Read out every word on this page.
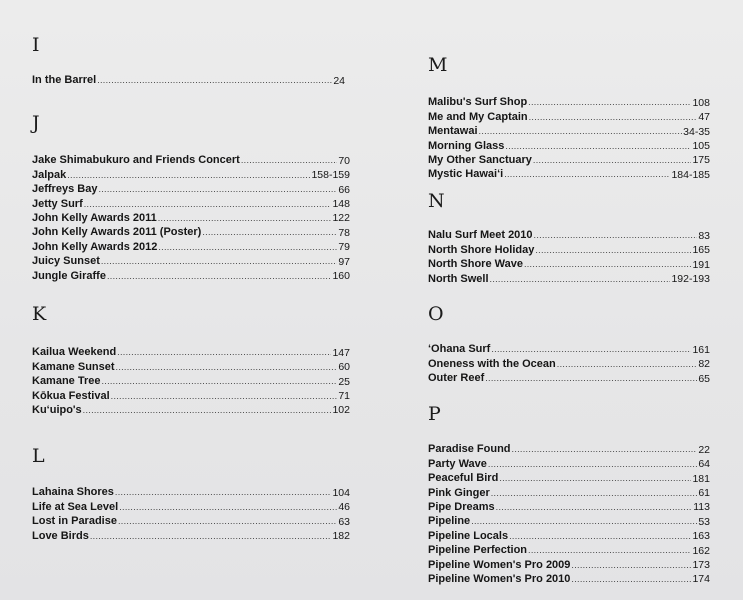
I
In the Barrel .....	24
J
Jake Shimabukuro and Friends Concert .....	70
Jalpak .....	158-159
Jeffreys Bay .....	66
Jetty Surf .....	148
John Kelly Awards 2011 .....	122
John Kelly Awards 2011 (Poster) .....	78
John Kelly Awards 2012 .....	79
Juicy Sunset .....	97
Jungle Giraffe .....	160
K
Kailua Weekend .....	147
Kamane Sunset .....	60
Kamane Tree .....	25
Kōkua Festival .....	71
Ku‘uipo's .....	102
L
Lahaina Shores .....	104
Life at Sea Level .....	46
Lost in Paradise .....	63
Love Birds .....	182
M
Malibu's Surf Shop .....	108
Me and My Captain .....	47
Mentawai .....	34-35
Morning Glass .....	105
My Other Sanctuary .....	175
Mystic Hawai‘i .....	184-185
N
Nalu Surf Meet 2010 .....	83
North Shore Holiday .....	165
North Shore Wave .....	191
North Swell .....	192-193
O
‘Ohana Surf .....	161
Oneness with the Ocean .....	82
Outer Reef .....	65
P
Paradise Found .....	22
Party Wave .....	64
Peaceful Bird .....	181
Pink Ginger .....	61
Pipe Dreams .....	113
Pipeline .....	53
Pipeline Locals .....	163
Pipeline Perfection .....	162
Pipeline Women's Pro 2009 .....	173
Pipeline Women's Pro 2010 .....	174
